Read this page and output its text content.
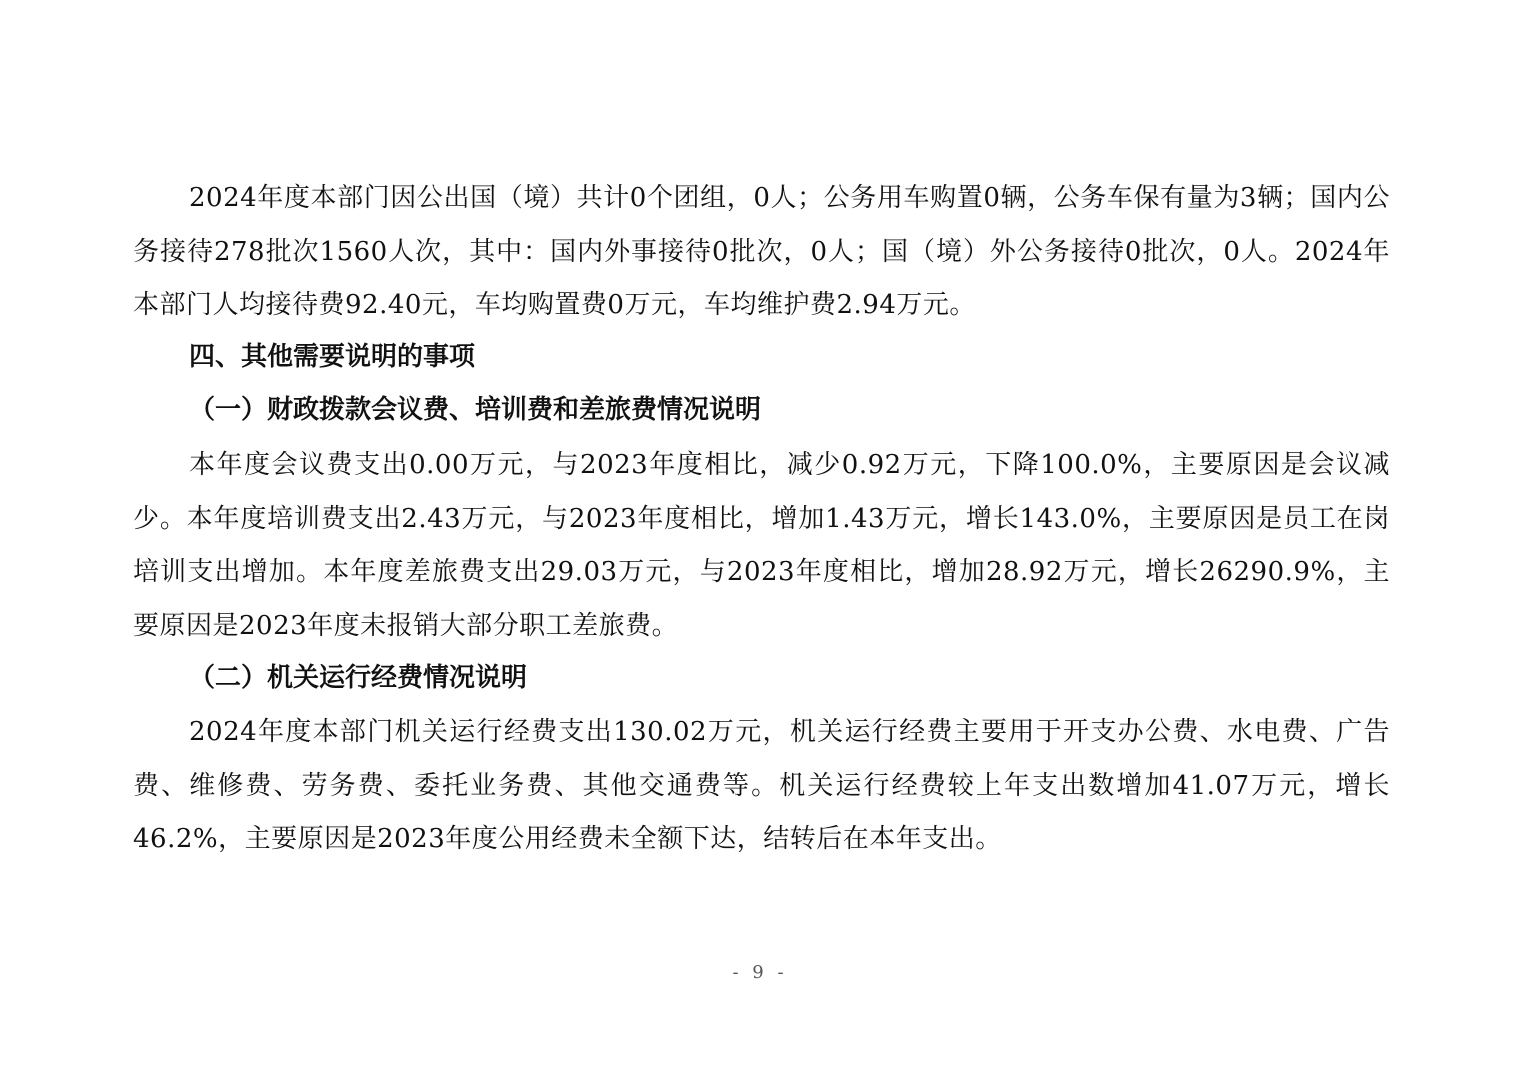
2024年度本部门因公出国（境）共计0个团组，0人；公务用车购置0辆，公务车保有量为3辆；国内公务接待278批次1560人次，其中：国内外事接待0批次，0人；国（境）外公务接待0批次，0人。2024年本部门人均接待费92.40元，车均购置费0万元，车均维护费2.94万元。

四、其他需要说明的事项
（一）财政拨款会议费、培训费和差旅费情况说明

本年度会议费支出0.00万元，与2023年度相比，减少0.92万元，下降100.0%，主要原因是会议减少。本年度培训费支出2.43万元，与2023年度相比，增加1.43万元，增长143.0%，主要原因是员工在岗培训支出增加。本年度差旅费支出29.03万元，与2023年度相比，增加28.92万元，增长26290.9%，主要原因是2023年度未报销大部分职工差旅费。

（二）机关运行经费情况说明

2024年度本部门机关运行经费支出130.02万元，机关运行经费主要用于开支办公费、水电费、广告费、维修费、劳务费、委托业务费、其他交通费等。机关运行经费较上年支出数增加41.07万元，增长46.2%，主要原因是2023年度公用经费未全额下达，结转后在本年支出。

- 9 -
